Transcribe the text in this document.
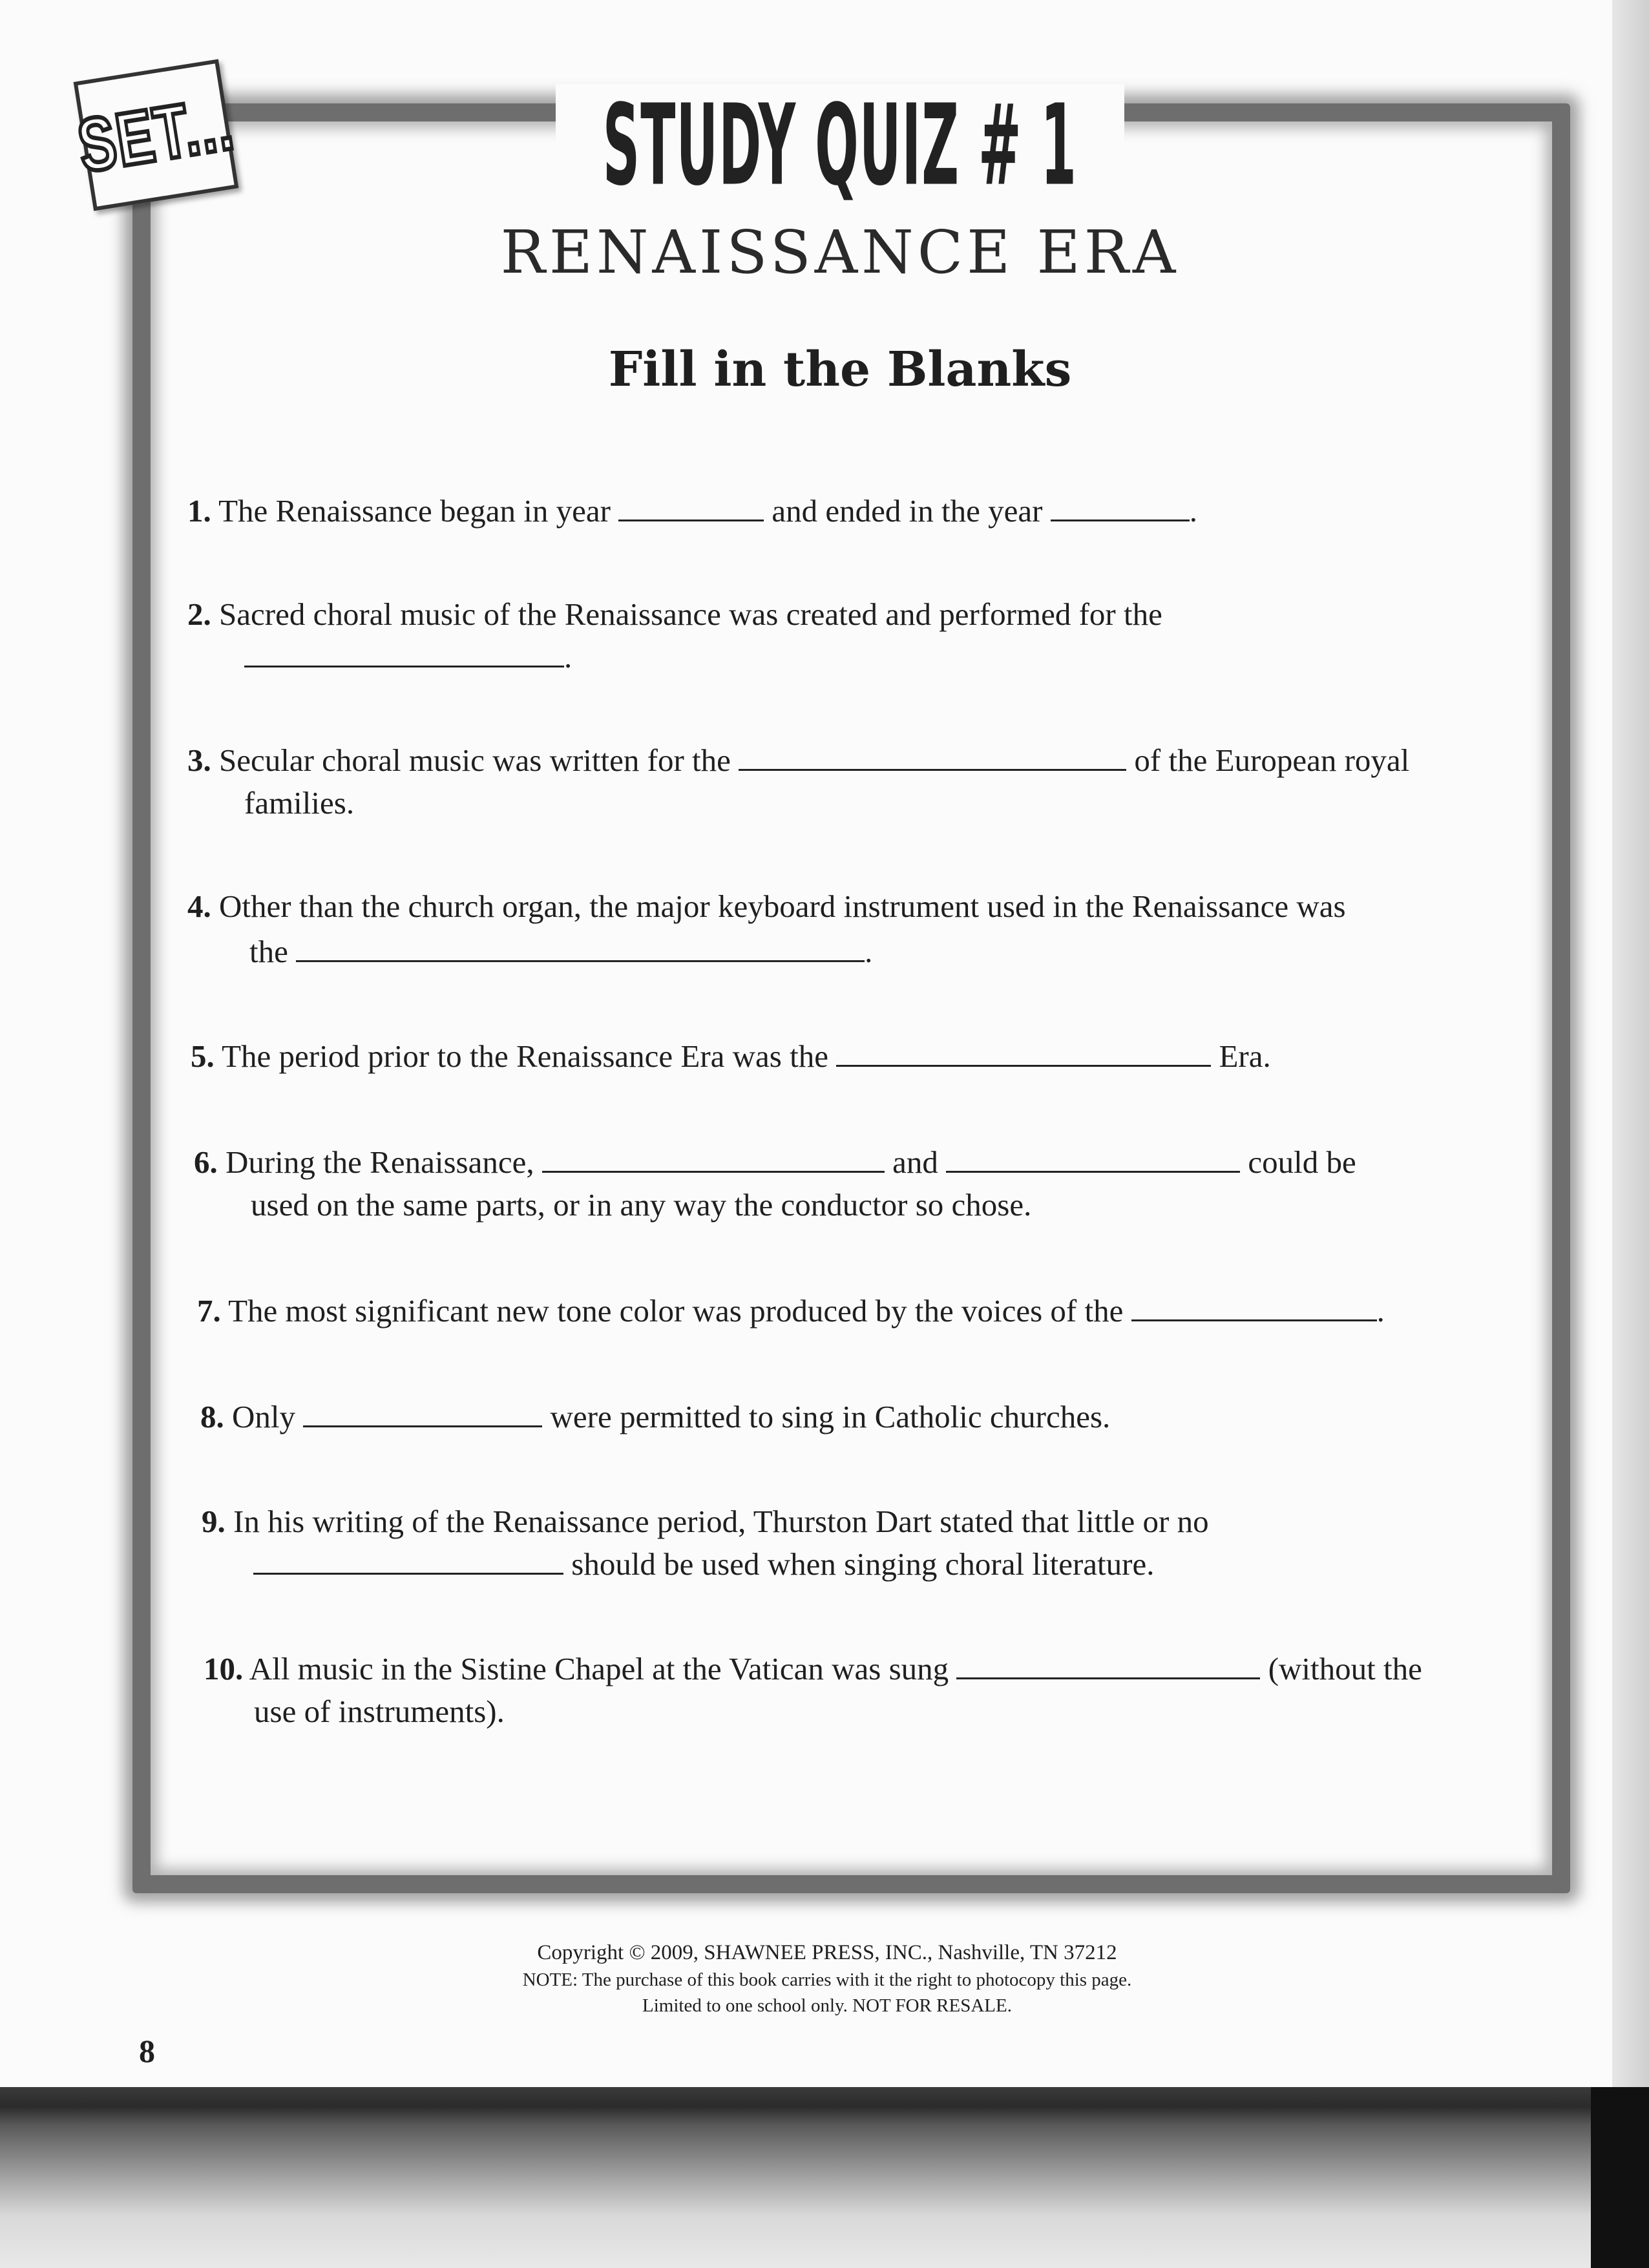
SET...	STUDY QUIZ # 1
RENAISSANCE ERA
Fill in the Blanks
1. The Renaissance began in year	and ended in the year	.
2. Sacred choral music of the Renaissance was created and performed for the
.
3. Secular choral music was written for the	of the European royal
families.
4. Other than the church organ, the major keyboard instrument used in the Renaissance was
the	.
5. The period prior to the Renaissance Era was the	Era.
6. During the Renaissance,	and	could be
used on the same parts, or in any way the conductor so chose.
7. The most significant new tone color was produced by the voices of the	.
8. Only	were permitted to sing in Catholic churches.
9. In his writing of the Renaissance period, Thurston Dart stated that little or no
should be used when singing choral literature.
10. All music in the Sistine Chapel at the Vatican was sung	(without the
use of instruments).
Copyright © 2009, SHAWNEE PRESS, INC., Nashville, TN 37212
NOTE: The purchase of this book carries with it the right to photocopy this page.
Limited to one school only. NOT FOR RESALE.
8
